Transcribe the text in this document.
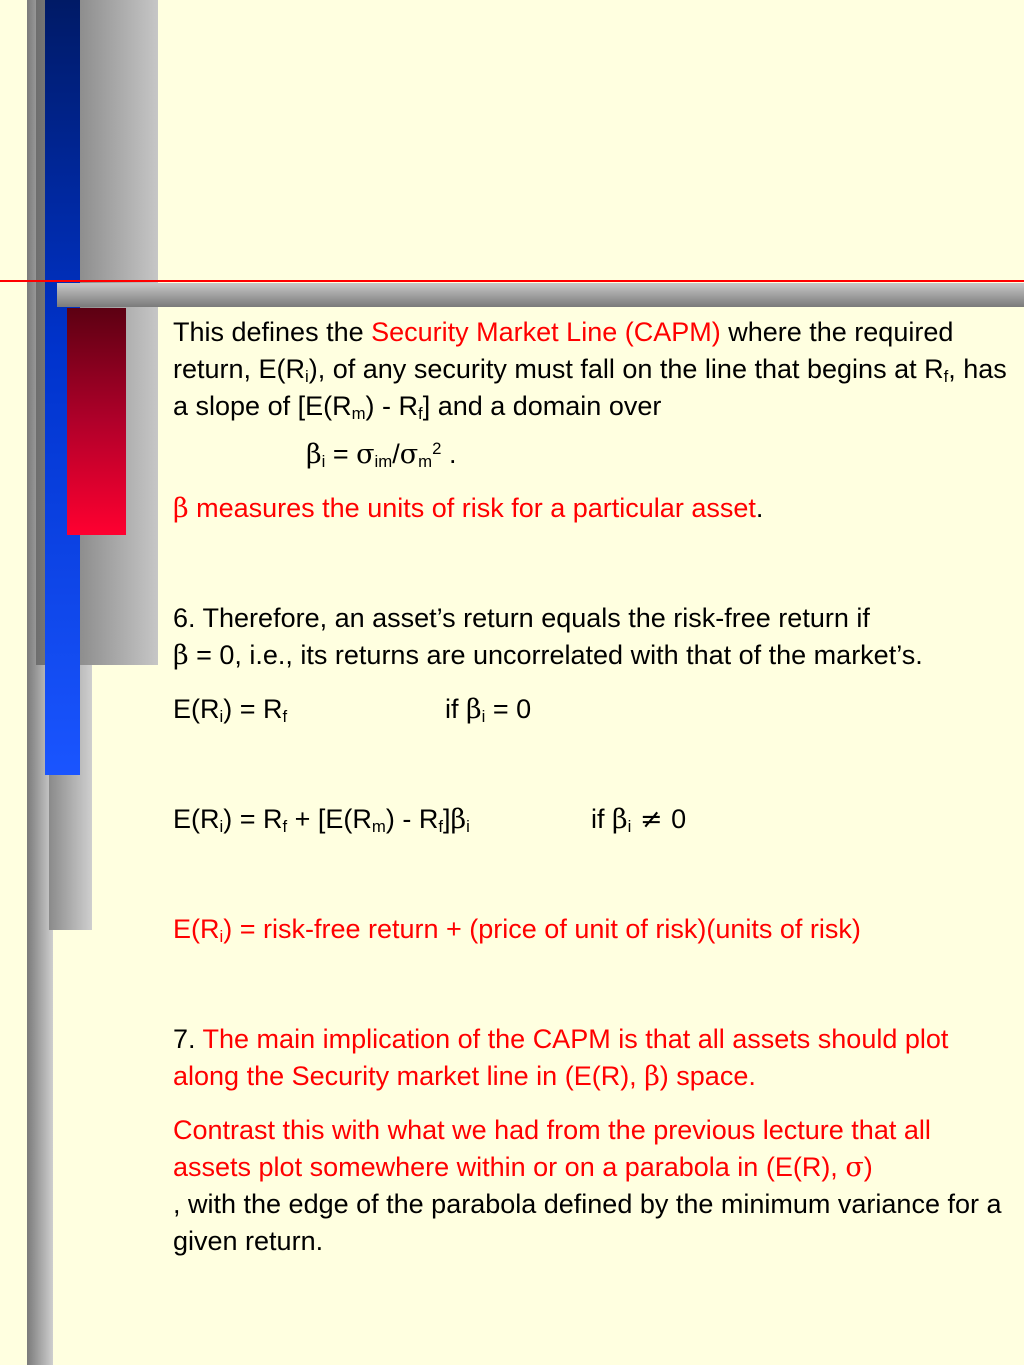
This defines the Security Market Line (CAPM) where the required return, $E(R_i)$, of any security must fall on the line that begins at $R_f$, has a slope of $[E(R_m) - R_f]$ and a domain over

$\beta_i = \sigma_{im}/\sigma_m^2$ .

β measures the units of risk for a particular asset.

6. Therefore, an asset’s return equals the risk-free return if
β = 0, i.e., its returns are uncorrelated with that of the market’s.

$E(R_i) = R_f$	if $\beta_i = 0$

$E(R_i) = R_f + [E(R_m) - R_f]\beta_i$	if $\beta_i \ne 0$

$E(R_i)$ = risk-free return + (price of unit of risk)(units of risk)

7. The main implication of the CAPM is that all assets should plot along the Security market line in (E(R), β) space.

Contrast this with what we had from the previous lecture that all assets plot somewhere within or on a parabola in (E(R), σ)
, with the edge of the parabola defined by the minimum variance for a given return.
